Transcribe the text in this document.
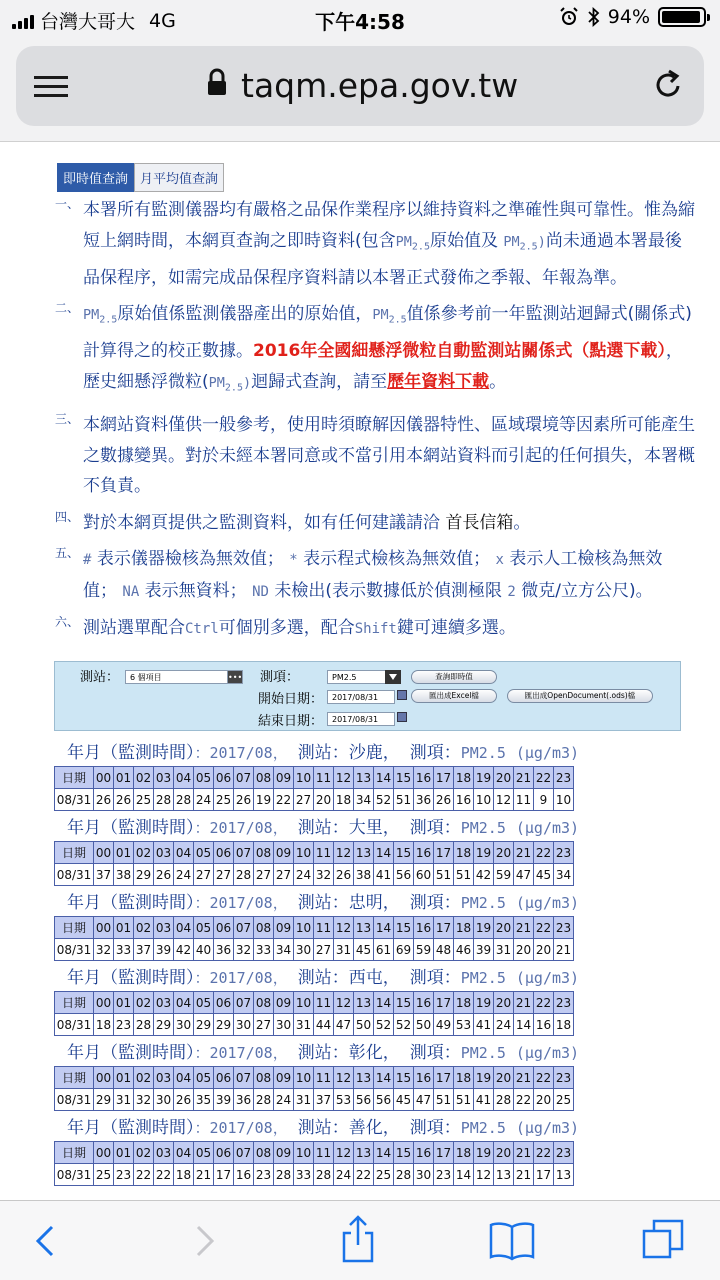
台灣大哥大 4G	下午4:58	94%
taqm.epa.gov.tw
即時值查詢 月平均值查詢
一、 本署所有監測儀器均有嚴格之品保作業程序以維持資料之準確性與可靠性。惟為縮短上網時間，本網頁查詢之即時資料(包含$PM_{2.5}$原始值及 $PM_{2.5}$)尚未通過本署最後品保程序，如需完成品保程序資料請以本署正式發佈之季報、年報為準。
二、 $PM_{2.5}$原始值係監測儀器產出的原始值，$PM_{2.5}$值係參考前一年監測站迴歸式(關係式)計算得之的校正數據。2016年全國細懸浮微粒自動監測站關係式（點選下載），歷史細懸浮微粒$(PM_{2.5})$迴歸式查詢，請至歷年資料下載。
三、 本網站資料僅供一般參考，使用時須瞭解因儀器特性、區域環境等因素所可能產生之數據變異。對於未經本署同意或不當引用本網站資料而引起的任何損失，本署概不負責。
四、 對於本網頁提供之監測資料，如有任何建議請洽 首長信箱。
五、 # 表示儀器檢核為無效值； * 表示程式檢核為無效值； x 表示人工檢核為無效值； NA 表示無資料； ND 未檢出(表示數據低於偵測極限 2 微克/立方公尺)。
六、 測站選單配合Ctrl可個別多選，配合Shift鍵可連續多選。
測站：	6 個項目	••• 測項：	PM2.5	查詢即時值
開始日期：	2017/08/31	匯出成Excel檔	匯出成OpenDocument(.ods)檔
結束日期：	2017/08/31
年月（監測時間）：2017/08， 測站：沙鹿， 測項：PM2.5 (μg/m3)
日期	00	01	02	03	04	05	06	07	08	09	10	11	12	13	14	15	16	17	18	19	20	21	22	23
08/31	26	26	25	28	28	24	25	26	19	22	27	20	18	34	52	51	36	26	16	10	12	11	9	10
年月（監測時間）：2017/08， 測站：大里， 測項：PM2.5 (μg/m3)
日期	00	01	02	03	04	05	06	07	08	09	10	11	12	13	14	15	16	17	18	19	20	21	22	23
08/31	37	38	29	26	24	27	27	28	27	27	24	32	26	38	41	56	60	51	51	42	59	47	45	34
年月（監測時間）：2017/08， 測站：忠明， 測項：PM2.5 (μg/m3)
日期	00	01	02	03	04	05	06	07	08	09	10	11	12	13	14	15	16	17	18	19	20	21	22	23
08/31	32	33	37	39	42	40	36	32	33	34	30	27	31	45	61	69	59	48	46	39	31	20	20	21
年月（監測時間）：2017/08， 測站：西屯， 測項：PM2.5 (μg/m3)
日期	00	01	02	03	04	05	06	07	08	09	10	11	12	13	14	15	16	17	18	19	20	21	22	23
08/31	18	23	28	29	30	29	29	30	27	30	31	44	47	50	52	52	50	49	53	41	24	14	16	18
年月（監測時間）：2017/08， 測站：彰化， 測項：PM2.5 (μg/m3)
日期	00	01	02	03	04	05	06	07	08	09	10	11	12	13	14	15	16	17	18	19	20	21	22	23
08/31	29	31	32	30	26	35	39	36	28	24	31	37	53	56	56	45	47	51	51	41	28	22	20	25
年月（監測時間）：2017/08， 測站：善化， 測項：PM2.5 (μg/m3)
日期	00	01	02	03	04	05	06	07	08	09	10	11	12	13	14	15	16	17	18	19	20	21	22	23
08/31	25	23	22	22	18	21	17	16	23	28	33	28	24	22	25	28	30	23	14	12	13	21	17	13
